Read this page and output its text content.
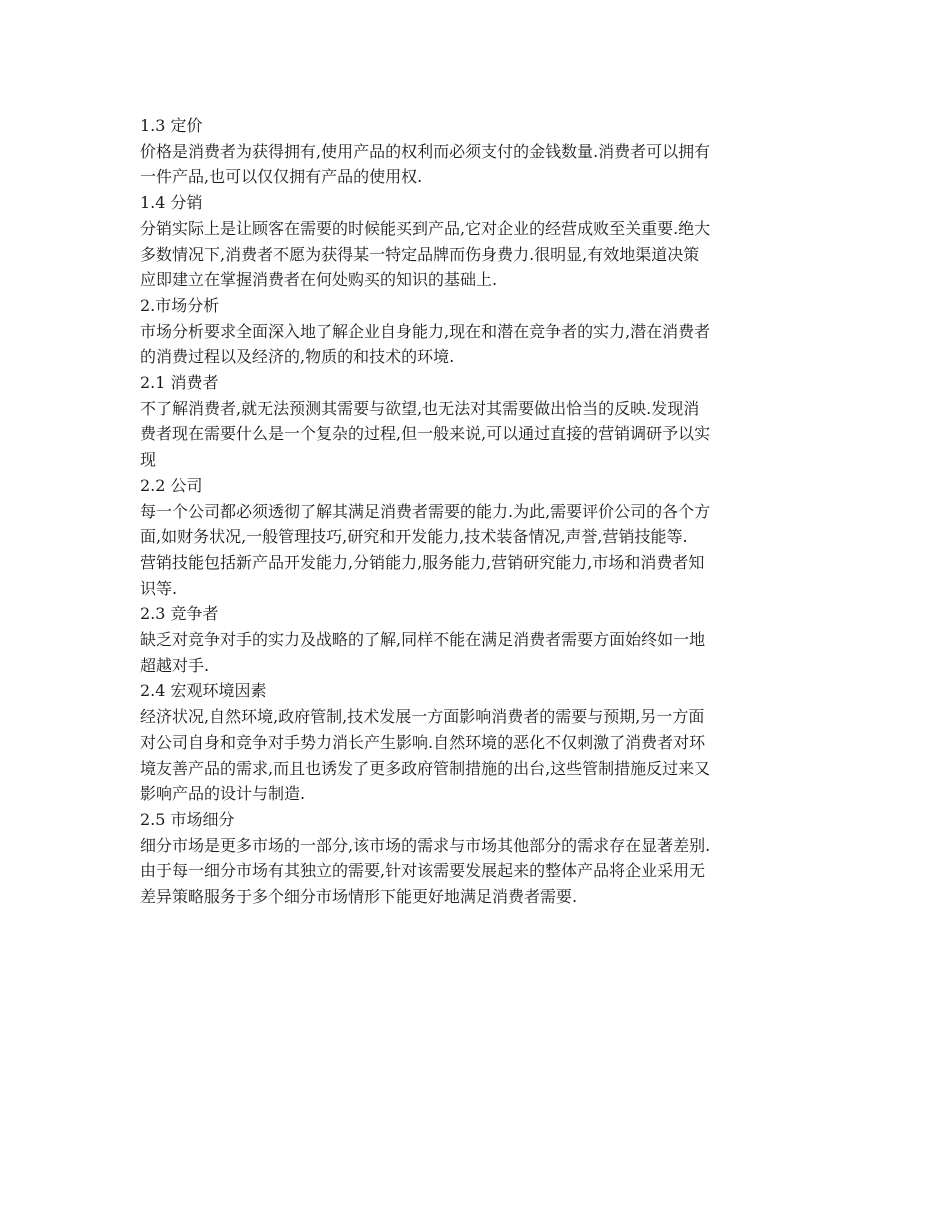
1.3 定价
价格是消费者为获得拥有,使用产品的权利而必须支付的金钱数量.消费者可以拥有
一件产品,也可以仅仅拥有产品的使用权.
1.4 分销
分销实际上是让顾客在需要的时候能买到产品,它对企业的经营成败至关重要.绝大
多数情况下,消费者不愿为获得某一特定品牌而伤身费力.很明显,有效地渠道决策
应即建立在掌握消费者在何处购买的知识的基础上.
2.市场分析
市场分析要求全面深入地了解企业自身能力,现在和潜在竞争者的实力,潜在消费者
的消费过程以及经济的,物质的和技术的环境.
2.1 消费者
不了解消费者,就无法预测其需要与欲望,也无法对其需要做出恰当的反映.发现消
费者现在需要什么是一个复杂的过程,但一般来说,可以通过直接的营销调研予以实
现
2.2 公司
每一个公司都必须透彻了解其满足消费者需要的能力.为此,需要评价公司的各个方
面,如财务状况,一般管理技巧,研究和开发能力,技术装备情况,声誉,营销技能等.
营销技能包括新产品开发能力,分销能力,服务能力,营销研究能力,市场和消费者知
识等.
2.3 竞争者
缺乏对竞争对手的实力及战略的了解,同样不能在满足消费者需要方面始终如一地
超越对手.
2.4 宏观环境因素
经济状况,自然环境,政府管制,技术发展一方面影响消费者的需要与预期,另一方面
对公司自身和竞争对手势力消长产生影响.自然环境的恶化不仅刺激了消费者对环
境友善产品的需求,而且也诱发了更多政府管制措施的出台,这些管制措施反过来又
影响产品的设计与制造.
2.5 市场细分
细分市场是更多市场的一部分,该市场的需求与市场其他部分的需求存在显著差别.
由于每一细分市场有其独立的需要,针对该需要发展起来的整体产品将企业采用无
差异策略服务于多个细分市场情形下能更好地满足消费者需要.
